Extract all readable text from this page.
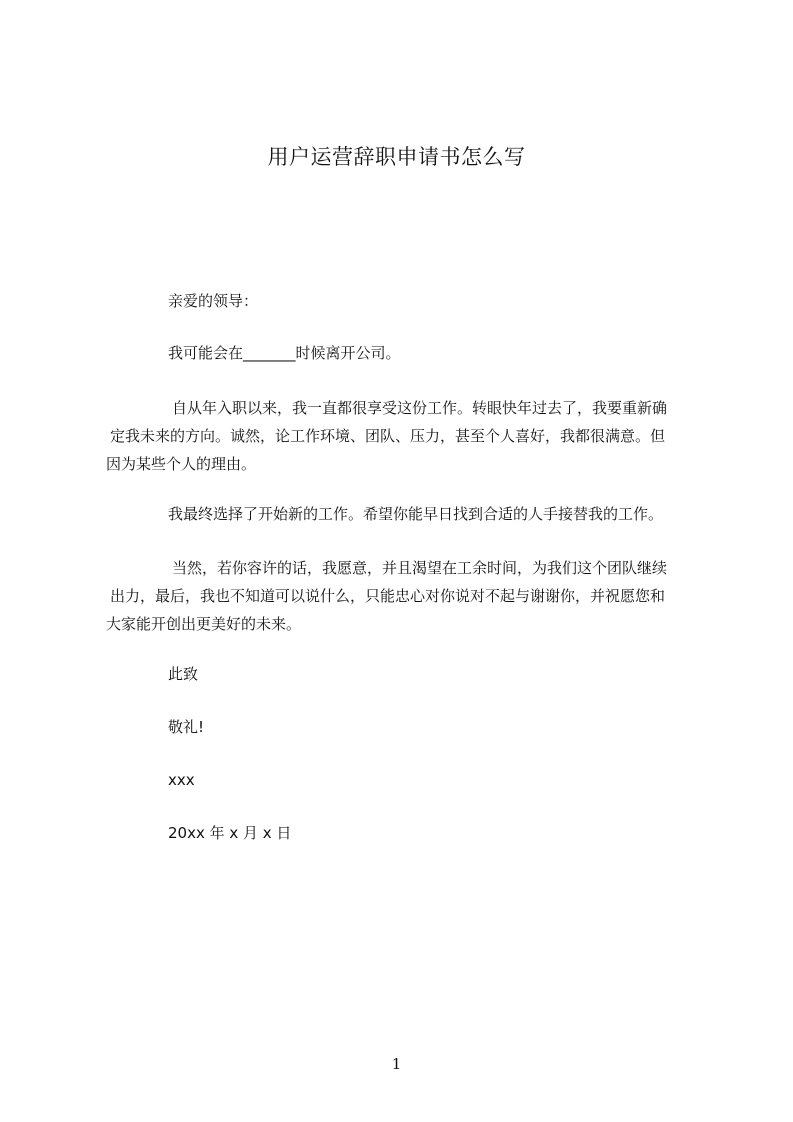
用户运营辞职申请书怎么写
亲爱的领导：
我可能会在_______时候离开公司。
自从年入职以来，我一直都很享受这份工作。转眼快年过去了，我要重新确
定我未来的方向。诚然，论工作环境、团队、压力，甚至个人喜好，我都很满意。但
因为某些个人的理由。
我最终选择了开始新的工作。希望你能早日找到合适的人手接替我的工作。
当然，若你容许的话，我愿意，并且渴望在工余时间，为我们这个团队继续
出力，最后，我也不知道可以说什么，只能忠心对你说对不起与谢谢你，并祝愿您和
大家能开创出更美好的未来。
此致
敬礼!
xxx
20xx 年 x 月 x 日
1
